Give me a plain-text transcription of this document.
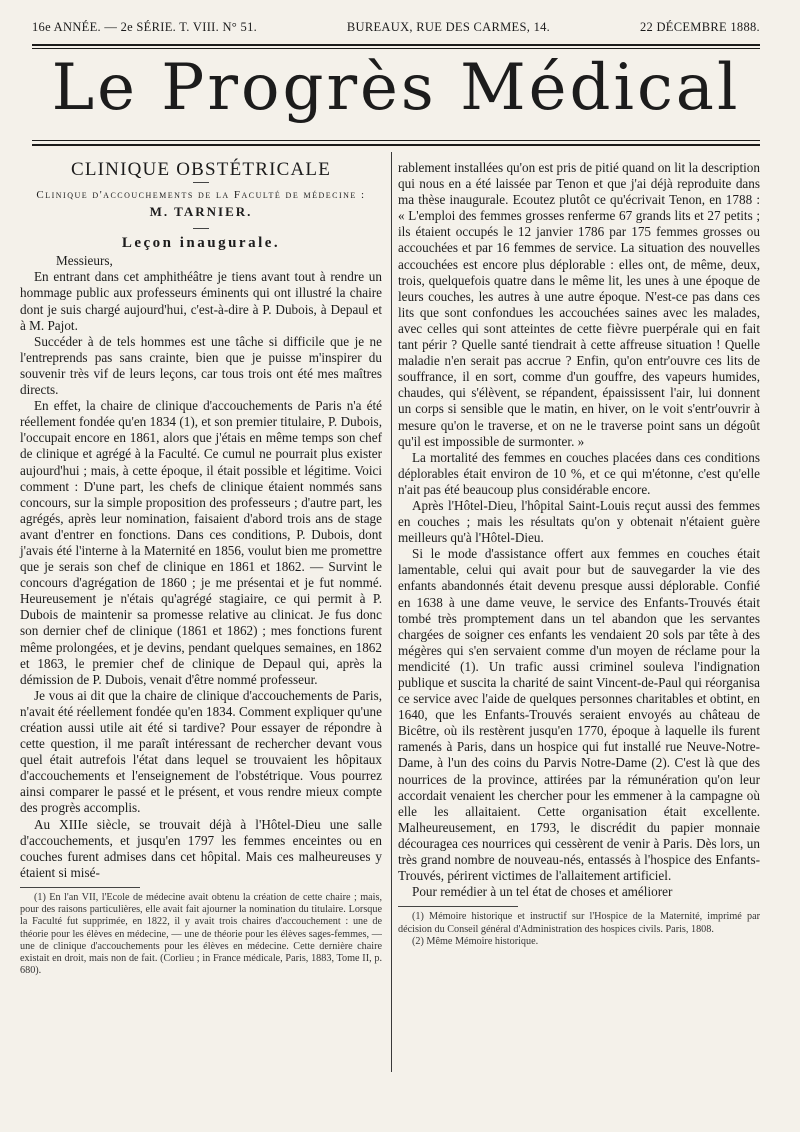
16e ANNÉE. — 2e SÉRIE. T. VIII. N° 51.	BUREAUX, RUE DES CARMES, 14.	22 DÉCEMBRE 1888.
Le Progrès Médical
CLINIQUE OBSTÉTRICALE
Clinique d'accouchements de la Faculté de médecine :
M. TARNIER.
Leçon inaugurale.

Messieurs,

En entrant dans cet amphithéâtre je tiens avant tout à rendre un hommage public aux professeurs éminents qui ont illustré la chaire dont je suis chargé aujourd'hui, c'est-à-dire à P. Dubois, à Depaul et à M. Pajot.

Succéder à de tels hommes est une tâche si difficile que je ne l'entreprends pas sans crainte, bien que je puisse m'inspirer du souvenir très vif de leurs leçons, car tous trois ont été mes maîtres directs.

En effet, la chaire de clinique d'accouchements de Paris n'a été réellement fondée qu'en 1834 (1), et son premier titulaire, P. Dubois, l'occupait encore en 1861, alors que j'étais en même temps son chef de clinique et agrégé à la Faculté. Ce cumul ne pourrait plus exister aujourd'hui ; mais, à cette époque, il était possible et légitime. Voici comment : D'une part, les chefs de clinique étaient nommés sans concours, sur la simple proposition des professeurs ; d'autre part, les agrégés, après leur nomination, faisaient d'abord trois ans de stage avant d'entrer en fonctions. Dans ces conditions, P. Dubois, dont j'avais été l'interne à la Maternité en 1856, voulut bien me promettre que je serais son chef de clinique en 1861 et 1862. — Survint le concours d'agrégation de 1860 ; je me présentai et je fut nommé. Heureusement je n'étais qu'agrégé stagiaire, ce qui permit à P. Dubois de maintenir sa promesse relative au clinicat. Je fus donc son dernier chef de clinique (1861 et 1862) ; mes fonctions furent même prolongées, et je devins, pendant quelques semaines, en 1862 et 1863, le premier chef de clinique de Depaul qui, après la démission de P. Dubois, venait d'être nommé professeur.

Je vous ai dit que la chaire de clinique d'accouchements de Paris, n'avait été réellement fondée qu'en 1834. Comment expliquer qu'une création aussi utile ait été si tardive? Pour essayer de répondre à cette question, il me paraît intéressant de rechercher devant vous quel était autrefois l'état dans lequel se trouvaient les hôpitaux d'accouchements et l'enseignement de l'obstétrique. Vous pourrez ainsi comparer le passé et le présent, et vous rendre mieux compte des progrès accomplis.

Au XIIIe siècle, se trouvait déjà à l'Hôtel-Dieu une salle d'accouchements, et jusqu'en 1797 les femmes enceintes ou en couches furent admises dans cet hôpital. Mais ces malheureuses y étaient si misé-

(1) En l'an VII, l'Ecole de médecine avait obtenu la création de cette chaire ; mais, pour des raisons particulières, elle avait fait ajourner la nomination du titulaire. Lorsque la Faculté fut supprimée, en 1822, il y avait trois chaires d'accouchement : une de théorie pour les élèves en médecine, — une de théorie pour les élèves sages-femmes, — une de clinique d'accouchements pour les élèves en médecine. Cette dernière chaire existait en droit, mais non de fait. (Corlieu ; in France médicale, Paris, 1883, Tome II, p. 680).

rablement installées qu'on est pris de pitié quand on lit la description qui nous en a été laissée par Tenon et que j'ai déjà reproduite dans ma thèse inaugurale. Ecoutez plutôt ce qu'écrivait Tenon, en 1788 : « L'emploi des femmes grosses renferme 67 grands lits et 27 petits ; ils étaient occupés le 12 janvier 1786 par 175 femmes grosses ou accouchées et par 16 femmes de service. La situation des nouvelles accouchées est encore plus déplorable : elles ont, de même, deux, trois, quelquefois quatre dans le même lit, les unes à une époque de leurs couches, les autres à une autre époque. N'est-ce pas dans ces lits que sont confondues les accouchées saines avec les malades, avec celles qui sont atteintes de cette fièvre puerpérale qui en fait tant périr ? Quelle santé tiendrait à cette affreuse situation ! Quelle maladie n'en serait pas accrue ? Enfin, qu'on entr'ouvre ces lits de souffrance, il en sort, comme d'un gouffre, des vapeurs humides, chaudes, qui s'élèvent, se répandent, épaississent l'air, lui donnent un corps si sensible que le matin, en hiver, on le voit s'entr'ouvrir à mesure qu'on le traverse, et on ne le traverse point sans un dégoût qu'il est impossible de surmonter. »

La mortalité des femmes en couches placées dans ces conditions déplorables était environ de 10 %, et ce qui m'étonne, c'est qu'elle n'ait pas été beaucoup plus considérable encore.

Après l'Hôtel-Dieu, l'hôpital Saint-Louis reçut aussi des femmes en couches ; mais les résultats qu'on y obtenait n'étaient guère meilleurs qu'à l'Hôtel-Dieu.

Si le mode d'assistance offert aux femmes en couches était lamentable, celui qui avait pour but de sauvegarder la vie des enfants abandonnés était devenu presque aussi déplorable. Confié en 1638 à une dame veuve, le service des Enfants-Trouvés était tombé très promptement dans un tel abandon que les servantes chargées de soigner ces enfants les vendaient 20 sols par tête à des mégères qui s'en servaient comme d'un moyen de réclame pour la mendicité (1). Un trafic aussi criminel souleva l'indignation publique et suscita la charité de saint Vincent-de-Paul qui réorganisa ce service avec l'aide de quelques personnes charitables et obtint, en 1640, que les Enfants-Trouvés seraient envoyés au château de Bicêtre, où ils restèrent jusqu'en 1770, époque à laquelle ils furent ramenés à Paris, dans un hospice qui fut installé rue Neuve-Notre-Dame, à l'un des coins du Parvis Notre-Dame (2). C'est là que des nourrices de la province, attirées par la rémunération qu'on leur accordait venaient les chercher pour les emmener à la campagne où elle les allaitaient. Cette organisation était excellente. Malheureusement, en 1793, le discrédit du papier monnaie découragea ces nourrices qui cessèrent de venir à Paris. Dès lors, un très grand nombre de nouveau-nés, entassés à l'hospice des Enfants-Trouvés, périrent victimes de l'allaitement artificiel.

Pour remédier à un tel état de choses et améliorer

(1) Mémoire historique et instructif sur l'Hospice de la Maternité, imprimé par décision du Conseil général d'Administration des hospices civils. Paris, 1808.

(2) Même Mémoire historique.
